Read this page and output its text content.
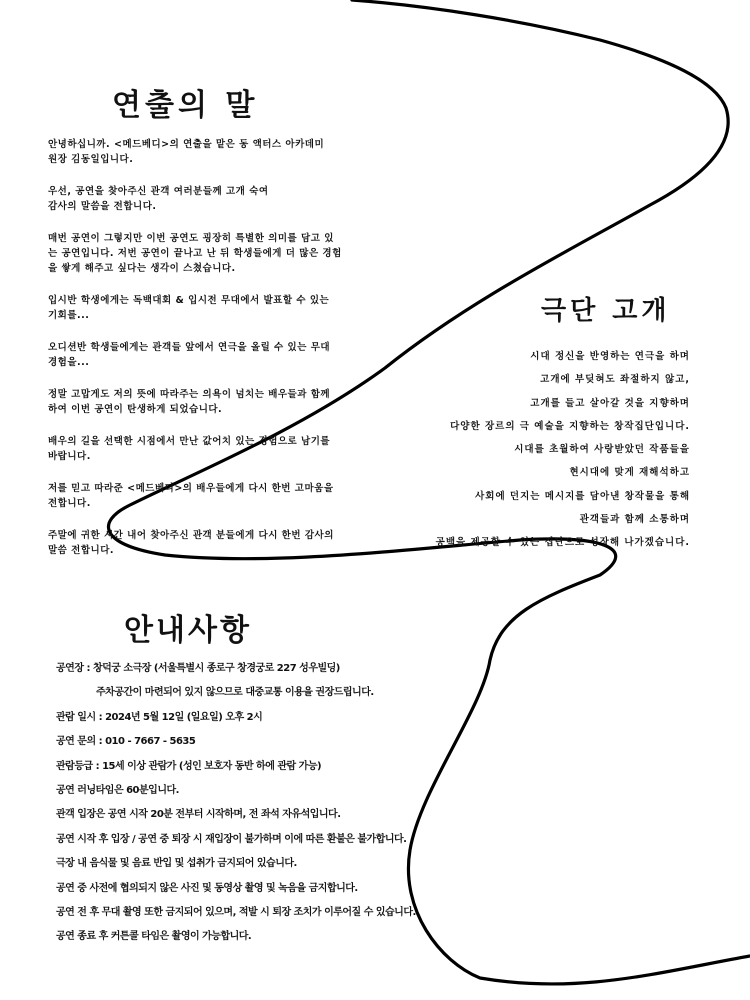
연출의 말

안녕하십니까. <메드베디>의 연출을 맡은 동 액터스 아카데미
원장 김동일입니다.

우선, 공연을 찾아주신 관객 여러분들께 고개 숙여
감사의 말씀을 전합니다.

매번 공연이 그렇지만 이번 공연도 굉장히 특별한 의미를 담고 있
는 공연입니다. 저번 공연이 끝나고 난 뒤 학생들에게 더 많은 경험
을 쌓게 해주고 싶다는 생각이 스쳤습니다.

입시반 학생에게는 독백대회 & 입시전 무대에서 발표할 수 있는
기회를...

오디션반 학생들에게는 관객들 앞에서 연극을 올릴 수 있는 무대
경험을...

정말 고맙게도 저의 뜻에 따라주는 의욕이 넘치는 배우들과 함께
하여 이번 공연이 탄생하게 되었습니다.

배우의 길을 선택한 시점에서 만난 값어치 있는 경험으로 남기를
바랍니다.

저를 믿고 따라준 <메드베디>의 배우들에게 다시 한번 고마움을
전합니다.

주말에 귀한 시간 내어 찾아주신 관객 분들에게 다시 한번 감사의
말씀 전합니다.

극단 고개
시대 정신을 반영하는 연극을 하며
고개에 부딪혀도 좌절하지 않고,
고개를 들고 살아갈 것을 지향하며
다양한 장르의 극 예술을 지향하는 창작집단입니다.
시대를 초월하여 사랑받았던 작품들을
현시대에 맞게 재해석하고
사회에 던지는 메시지를 담아낸 창작물을 통해
관객들과 함께 소통하며
공백을 제공할 수 있는 집단으로 성장해 나가겠습니다.
안내사항
공연장 : 창덕궁 소극장 (서울특별시 종로구 창경궁로 227 성우빌딩)
주차공간이 마련되어 있지 않으므로 대중교통 이용을 권장드립니다.
관람 일시 : 2024년 5월 12일 (일요일) 오후 2시
공연 문의 : 010 - 7667 - 5635
관람등급 : 15세 이상 관람가 (성인 보호자 동반 하에 관람 가능)
공연 러닝타임은 60분입니다.
관객 입장은 공연 시작 20분 전부터 시작하며, 전 좌석 자유석입니다.
공연 시작 후 입장 / 공연 중 퇴장 시 재입장이 불가하며 이에 따른 환불은 불가합니다.
극장 내 음식물 및 음료 반입 및 섭취가 금지되어 있습니다.
공연 중 사전에 협의되지 않은 사진 및 동영상 촬영 및 녹음을 금지합니다.
공연 전 후 무대 촬영 또한 금지되어 있으며, 적발 시 퇴장 조치가 이루어질 수 있습니다.
공연 종료 후 커튼콜 타임은 촬영이 가능합니다.
